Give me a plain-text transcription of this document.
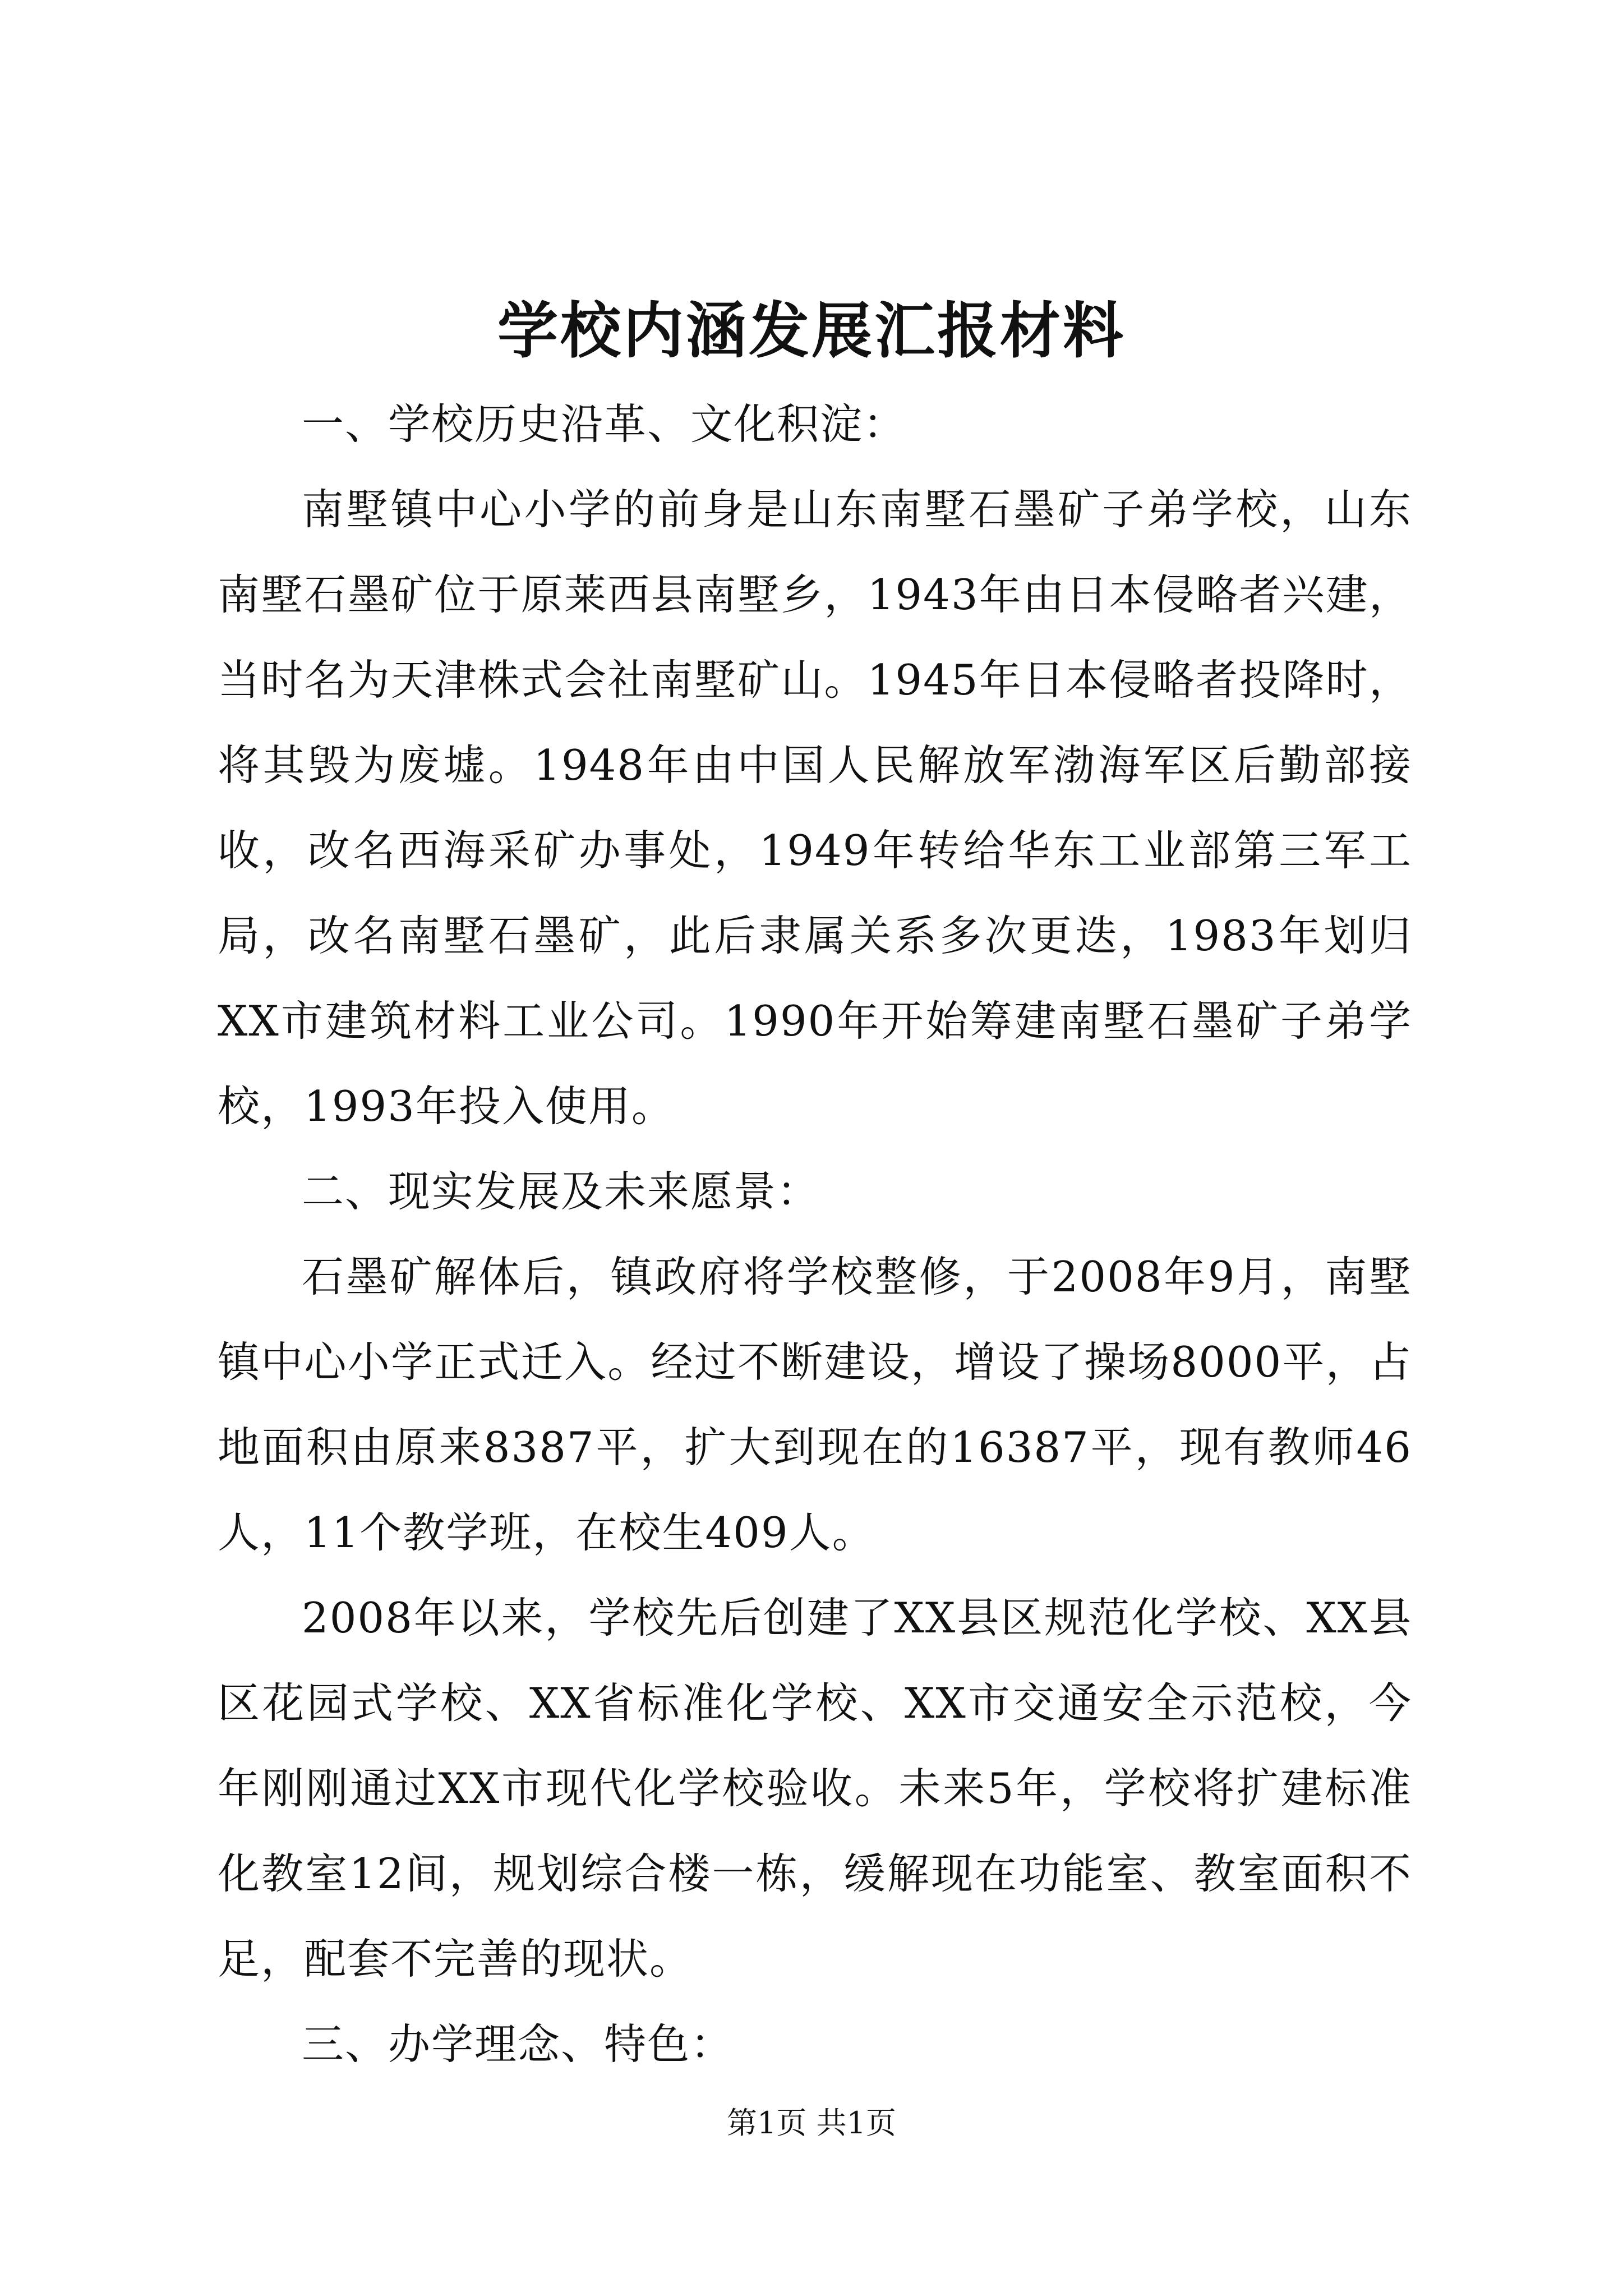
学校内涵发展汇报材料

一、学校历史沿革、文化积淀：

南墅镇中心小学的前身是山东南墅石墨矿子弟学校，山东南墅石墨矿位于原莱西县南墅乡，1943年由日本侵略者兴建，当时名为天津株式会社南墅矿山。1945年日本侵略者投降时，将其毁为废墟。1948年由中国人民解放军渤海军区后勤部接收，改名西海采矿办事处，1949年转给华东工业部第三军工局，改名南墅石墨矿，此后隶属关系多次更迭，1983年划归XX市建筑材料工业公司。1990年开始筹建南墅石墨矿子弟学校，1993年投入使用。

二、现实发展及未来愿景：

石墨矿解体后，镇政府将学校整修，于2008年9月，南墅镇中心小学正式迁入。经过不断建设，增设了操场8000平，占地面积由原来8387平，扩大到现在的16387平，现有教师46人，11个教学班，在校生409人。

2008年以来，学校先后创建了XX县区规范化学校、XX县区花园式学校、XX省标准化学校、XX市交通安全示范校，今年刚刚通过XX市现代化学校验收。未来5年，学校将扩建标准化教室12间，规划综合楼一栋，缓解现在功能室、教室面积不足，配套不完善的现状。

三、办学理念、特色：

第1页 共1页
